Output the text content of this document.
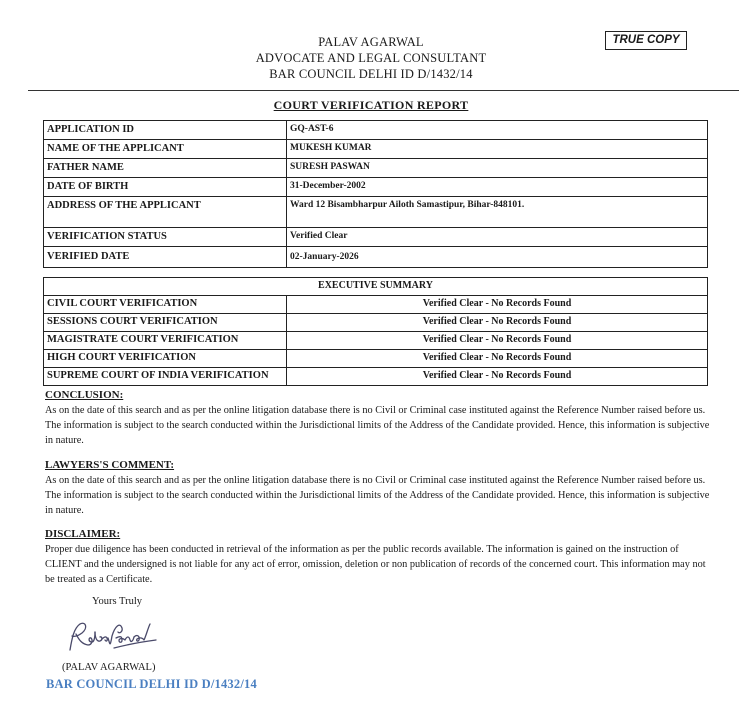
PALAV AGARWAL
ADVOCATE AND LEGAL CONSULTANT
BAR COUNCIL DELHI ID D/1432/14
TRUE COPY
COURT VERIFICATION REPORT
APPLICATION ID	GQ-AST-6
NAME OF THE APPLICANT	MUKESH KUMAR
FATHER NAME	SURESH PASWAN
DATE OF BIRTH	31-December-2002
ADDRESS OF THE APPLICANT	Ward 12 Bisambharpur Ailoth Samastipur, Bihar-848101.
VERIFICATION STATUS	Verified Clear
VERIFIED DATE	02-January-2026
EXECUTIVE SUMMARY	
CIVIL COURT VERIFICATION	Verified Clear - No Records Found
SESSIONS COURT VERIFICATION	Verified Clear - No Records Found
MAGISTRATE COURT VERIFICATION	Verified Clear - No Records Found
HIGH COURT VERIFICATION	Verified Clear - No Records Found
SUPREME COURT OF INDIA VERIFICATION	Verified Clear - No Records Found
CONCLUSION:
As on the date of this search and as per the online litigation database there is no Civil or Criminal case instituted against the Reference Number raised before us. The information is subject to the search conducted within the Jurisdictional limits of the Address of the Candidate provided. Hence, this information is subjective in nature.
LAWYERS'S COMMENT:
As on the date of this search and as per the online litigation database there is no Civil or Criminal case instituted against the Reference Number raised before us. The information is subject to the search conducted within the Jurisdictional limits of the Address of the Candidate provided. Hence, this information is subjective in nature.
DISCLAIMER:
Proper due diligence has been conducted in retrieval of the information as per the public records available. The information is gained on the instruction of CLIENT and the undersigned is not liable for any act of error, omission, deletion or non publication of records of the concerned court. This information may not be treated as a Certificate.
Yours Truly
(PALAV AGARWAL)
BAR COUNCIL DELHI ID D/1432/14
